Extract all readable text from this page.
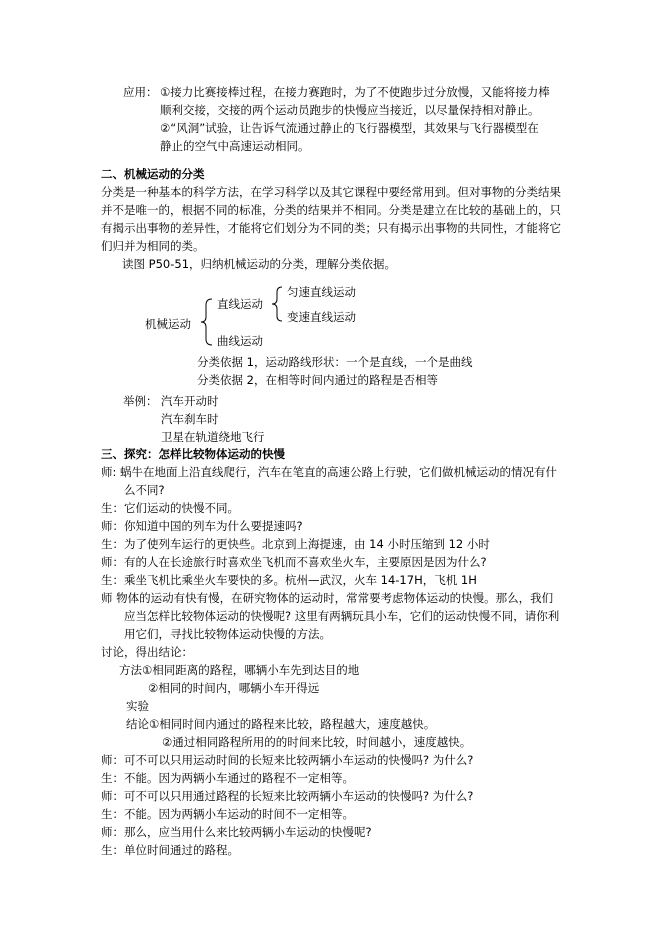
应用： ①接力比赛接棒过程，在接力赛跑时，为了不使跑步过分放慢，又能将接力棒
顺利交接，交接的两个运动员跑步的快慢应当接近，以尽量保持相对静止。
②“风洞”试验，让告诉气流通过静止的飞行器模型，其效果与飞行器模型在
静止的空气中高速运动相同。
二、机械运动的分类
分类是一种基本的科学方法，在学习科学以及其它课程中要经常用到。但对事物的分类结果
并不是唯一的，根据不同的标准，分类的结果并不相同。分类是建立在比较的基础上的，只
有揭示出事物的差异性，才能将它们划分为不同的类；只有揭示出事物的共同性，才能将它
们归并为相同的类。
读图 P50-51，归纳机械运动的分类，理解分类依据。
机械运动
直线运动
匀速直线运动
变速直线运动
曲线运动
分类依据 1，运动路线形状：一个是直线，一个是曲线
分类依据 2，在相等时间内通过的路程是否相等
举例： 汽车开动时
汽车刹车时
卫星在轨道绕地飞行
三、探究：怎样比较物体运动的快慢
师: 蜗牛在地面上沿直线爬行，汽车在笔直的高速公路上行驶，它们做机械运动的情况有什
么不同?
生：它们运动的快慢不同。
师：你知道中国的列车为什么要提速吗?
生：为了使列车运行的更快些。北京到上海提速，由 14 小时压缩到 12 小时
师：有的人在长途旅行时喜欢坐飞机而不喜欢坐火车，主要原因是因为什么?
生：乘坐飞机比乘坐火车要快的多。杭州—武汉，火车 14-17H，飞机 1H
师 物体的运动有快有慢，在研究物体的运动时，常常要考虑物体运动的快慢。那么，我们
应当怎样比较物体运动的快慢呢? 这里有两辆玩具小车，它们的运动快慢不同，请你利
用它们，寻找比较物体运动快慢的方法。
讨论，得出结论：
方法①相同距离的路程，哪辆小车先到达目的地
②相同的时间内，哪辆小车开得远
实验
结论①相同时间内通过的路程来比较，路程越大，速度越快。
②通过相同路程所用的的时间来比较，时间越小，速度越快。
师：可不可以只用运动时间的长短来比较两辆小车运动的快慢吗? 为什么?
生：不能。因为两辆小车通过的路程不一定相等。
师：可不可以只用通过路程的长短来比较两辆小车运动的快慢吗? 为什么?
生：不能。因为两辆小车运动的时间不一定相等。
师：那么，应当用什么来比较两辆小车运动的快慢呢?
生：单位时间通过的路程。
